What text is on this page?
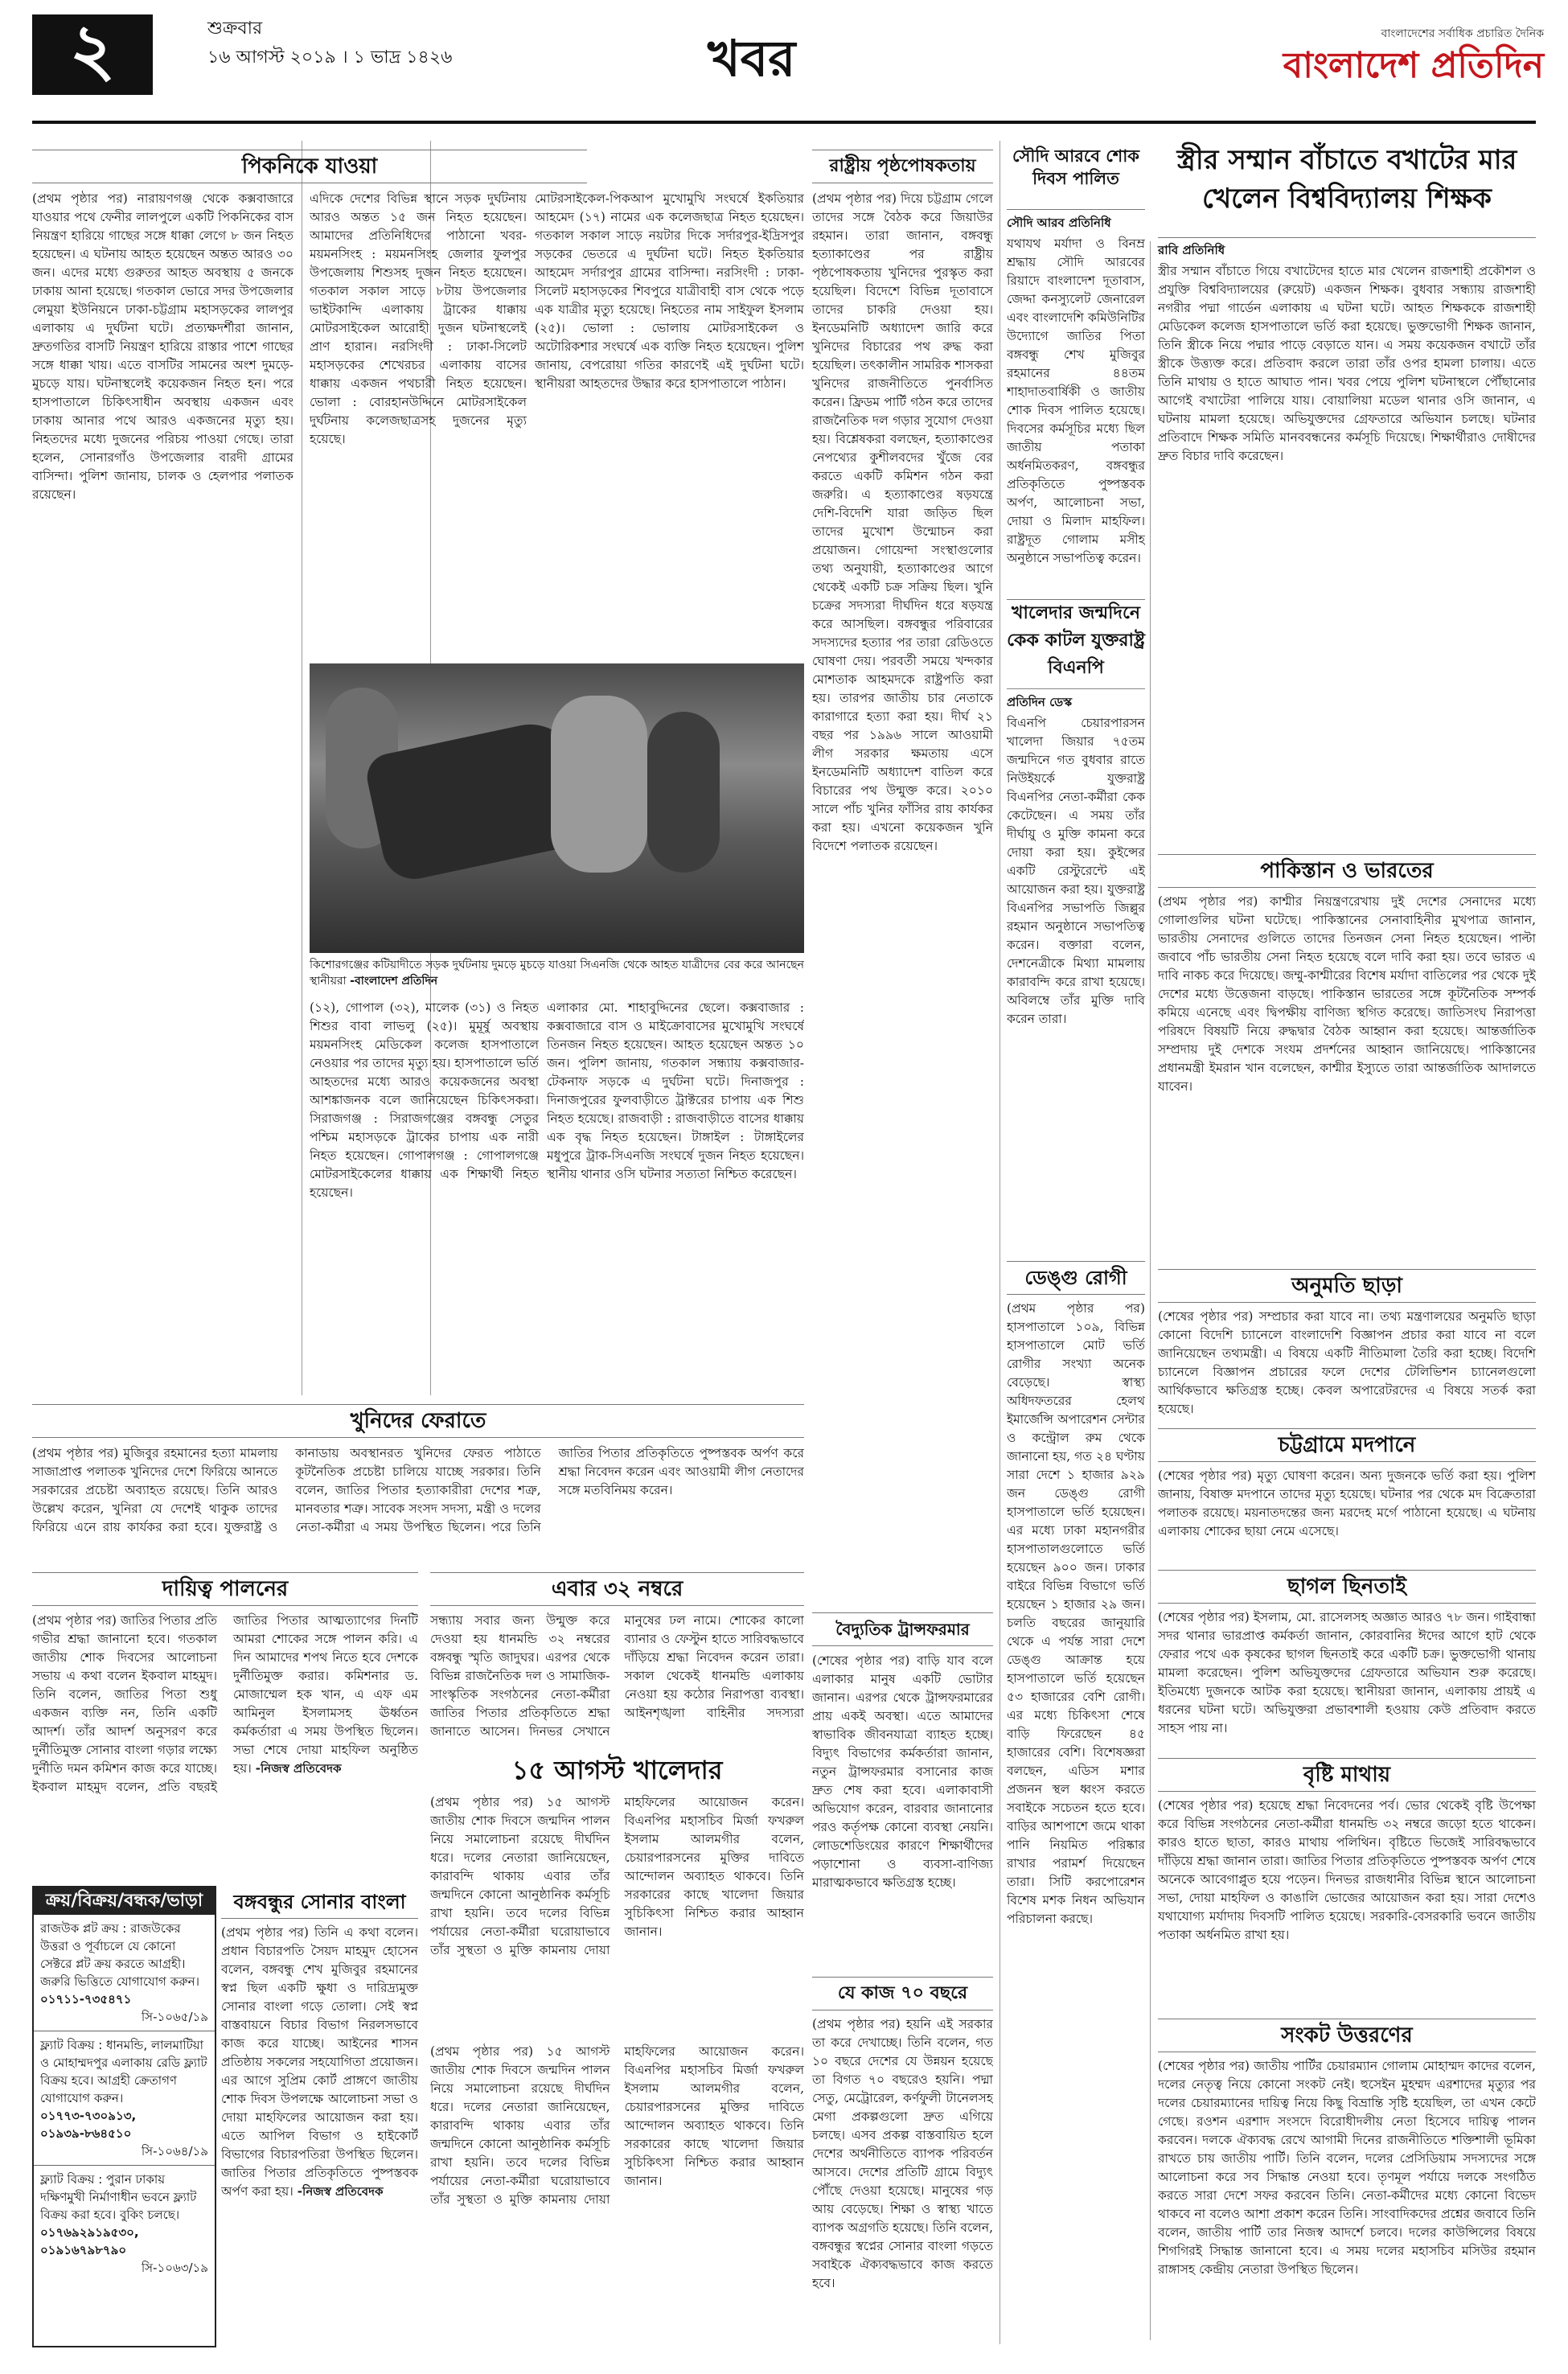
২	শুক্রবার
১৬ আগস্ট ২০১৯ । ১ ভাদ্র ১৪২৬	খবর	বাংলাদেশের সর্বাধিক প্রচারিত দৈনিক
বাংলাদেশ প্রতিদিন
পিকনিকে যাওয়া
(প্রথম পৃষ্ঠার পর) নারায়ণগঞ্জ থেকে কক্সবাজারে যাওয়ার পথে ফেনীর লালপুলে একটি পিকনিকের বাস নিয়ন্ত্রণ হারিয়ে গাছের সঙ্গে ধাক্কা লেগে ৮ জন নিহত হয়েছেন। এ ঘটনায় আহত হয়েছেন অন্তত আরও ৩০ জন। এদের মধ্যে গুরুতর আহত অবস্থায় ৫ জনকে ঢাকায় আনা হয়েছে। গতকাল ভোরে সদর উপজেলার লেমুয়া ইউনিয়নে ঢাকা-চট্টগ্রাম মহাসড়কের লালপুর এলাকায় এ দুর্ঘটনা ঘটে। প্রত্যক্ষদর্শীরা জানান, দ্রুতগতির বাসটি নিয়ন্ত্রণ হারিয়ে রাস্তার পাশে গাছের সঙ্গে ধাক্কা খায়। এতে বাসটির সামনের অংশ দুমড়ে-মুচড়ে যায়। ঘটনাস্থলেই কয়েকজন নিহত হন। পরে হাসপাতালে চিকিৎসাধীন অবস্থায় একজন এবং ঢাকায় আনার পথে আরও একজনের মৃত্যু হয়। নিহতদের মধ্যে দুজনের পরিচয় পাওয়া গেছে। তারা হলেন, সোনারগাঁও উপজেলার বারদী গ্রামের বাসিন্দা। পুলিশ জানায়, চালক ও হেলপার পলাতক রয়েছেন।
এদিকে দেশের বিভিন্ন স্থানে সড়ক দুর্ঘটনায় আরও অন্তত ১৫ জন নিহত হয়েছেন। আমাদের প্রতিনিধিদের পাঠানো খবর- ময়মনসিংহ : ময়মনসিংহ জেলার ফুলপুর উপজেলায় শিশুসহ দুজন নিহত হয়েছেন। গতকাল সকাল সাড়ে ৮টায় উপজেলার ভাইটকান্দি এলাকায় ট্রাকের ধাক্কায় মোটরসাইকেল আরোহী দুজন ঘটনাস্থলেই প্রাণ হারান। নরসিংদী : ঢাকা-সিলেট মহাসড়কের শেখেরচর এলাকায় বাসের ধাক্কায় একজন পথচারী নিহত হয়েছেন। ভোলা : বোরহানউদ্দিনে মোটরসাইকেল দুর্ঘটনায় কলেজছাত্রসহ দুজনের মৃত্যু হয়েছে।
মোটরসাইকেল-পিকআপ মুখোমুখি সংঘর্ষে ইকতিয়ার আহমেদ (১৭) নামের এক কলেজছাত্র নিহত হয়েছেন। গতকাল সকাল সাড়ে নয়টার দিকে সর্দারপুর-ইদ্রিসপুর সড়কের ভেতরে এ দুর্ঘটনা ঘটে। নিহত ইকতিয়ার আহমেদ সর্দারপুর গ্রামের বাসিন্দা। নরসিংদী : ঢাকা-সিলেট মহাসড়কের শিবপুরে যাত্রীবাহী বাস থেকে পড়ে এক যাত্রীর মৃত্যু হয়েছে। নিহতের নাম সাইফুল ইসলাম (২৫)। ভোলা : ভোলায় মোটরসাইকেল ও অটোরিকশার সংঘর্ষে এক ব্যক্তি নিহত হয়েছেন। পুলিশ জানায়, বেপরোয়া গতির কারণেই এই দুর্ঘটনা ঘটে। স্থানীয়রা আহতদের উদ্ধার করে হাসপাতালে পাঠান।
কিশোরগঞ্জের কটিয়াদীতে সড়ক দুর্ঘটনায় দুমড়ে মুচড়ে যাওয়া সিএনজি থেকে আহত যাত্রীদের বের করে আনছেন স্থানীয়রা -বাংলাদেশ প্রতিদিন
(১২), গোপাল (৩২), মালেক (৩১) ও নিহত শিশুর বাবা লাভলু (২৫)। মুমূর্ষু অবস্থায় ময়মনসিংহ মেডিকেল কলেজ হাসপাতালে নেওয়ার পর তাদের মৃত্যু হয়। হাসপাতালে ভর্তি আহতদের মধ্যে আরও কয়েকজনের অবস্থা আশঙ্কাজনক বলে জানিয়েছেন চিকিৎসকরা। সিরাজগঞ্জ : সিরাজগঞ্জের বঙ্গবন্ধু সেতুর পশ্চিম মহাসড়কে ট্রাকের চাপায় এক নারী নিহত হয়েছেন। গোপালগঞ্জ : গোপালগঞ্জে মোটরসাইকেলের ধাক্কায় এক শিক্ষার্থী নিহত হয়েছেন।
এলাকার মো. শাহাবুদ্দিনের ছেলে। কক্সবাজার : কক্সবাজারে বাস ও মাইক্রোবাসের মুখোমুখি সংঘর্ষে তিনজন নিহত হয়েছেন। আহত হয়েছেন অন্তত ১০ জন। পুলিশ জানায়, গতকাল সন্ধ্যায় কক্সবাজার-টেকনাফ সড়কে এ দুর্ঘটনা ঘটে। দিনাজপুর : দিনাজপুরের ফুলবাড়ীতে ট্রাক্টরের চাপায় এক শিশু নিহত হয়েছে। রাজবাড়ী : রাজবাড়ীতে বাসের ধাক্কায় এক বৃদ্ধ নিহত হয়েছেন। টাঙ্গাইল : টাঙ্গাইলের মধুপুরে ট্রাক-সিএনজি সংঘর্ষে দুজন নিহত হয়েছেন। স্থানীয় থানার ওসি ঘটনার সত্যতা নিশ্চিত করেছেন।
খুনিদের ফেরাতে
(প্রথম পৃষ্ঠার পর) মুজিবুর রহমানের হত্যা মামলায় সাজাপ্রাপ্ত পলাতক খুনিদের দেশে ফিরিয়ে আনতে সরকারের প্রচেষ্টা অব্যাহত রয়েছে। তিনি আরও উল্লেখ করেন, খুনিরা যে দেশেই থাকুক তাদের ফিরিয়ে এনে রায় কার্যকর করা হবে। যুক্তরাষ্ট্র ও কানাডায় অবস্থানরত খুনিদের ফেরত পাঠাতে কূটনৈতিক প্রচেষ্টা চালিয়ে যাচ্ছে সরকার। তিনি বলেন, জাতির পিতার হত্যাকারীরা দেশের শত্রু, মানবতার শত্রু। সাবেক সংসদ সদস্য, মন্ত্রী ও দলের নেতা-কর্মীরা এ সময় উপস্থিত ছিলেন। পরে তিনি জাতির পিতার প্রতিকৃতিতে পুষ্পস্তবক অর্পণ করে শ্রদ্ধা নিবেদন করেন এবং আওয়ামী লীগ নেতাদের সঙ্গে মতবিনিময় করেন।
দায়িত্ব পালনের
(প্রথম পৃষ্ঠার পর) জাতির পিতার প্রতি গভীর শ্রদ্ধা জানানো হবে। গতকাল জাতীয় শোক দিবসের আলোচনা সভায় এ কথা বলেন ইকবাল মাহমুদ। তিনি বলেন, জাতির পিতা শুধু একজন ব্যক্তি নন, তিনি একটি আদর্শ। তাঁর আদর্শ অনুসরণ করে দুর্নীতিমুক্ত সোনার বাংলা গড়ার লক্ষ্যে দুর্নীতি দমন কমিশন কাজ করে যাচ্ছে। ইকবাল মাহমুদ বলেন, প্রতি বছরই জাতির পিতার আত্মত্যাগের দিনটি আমরা শোকের সঙ্গে পালন করি। এ দিন আমাদের শপথ নিতে হবে দেশকে দুর্নীতিমুক্ত করার। কমিশনার ড. মোজাম্মেল হক খান, এ এফ এম আমিনুল ইসলামসহ ঊর্ধ্বতন কর্মকর্তারা এ সময় উপস্থিত ছিলেন। সভা শেষে দোয়া মাহফিল অনুষ্ঠিত হয়। -নিজস্ব প্রতিবেদক
এবার ৩২ নম্বরে
সন্ধ্যায় সবার জন্য উন্মুক্ত করে দেওয়া হয় ধানমন্ডি ৩২ নম্বরের বঙ্গবন্ধু স্মৃতি জাদুঘর। এরপর থেকে বিভিন্ন রাজনৈতিক দল ও সামাজিক-সাংস্কৃতিক সংগঠনের নেতা-কর্মীরা জাতির পিতার প্রতিকৃতিতে শ্রদ্ধা জানাতে আসেন। দিনভর সেখানে মানুষের ঢল নামে। শোকের কালো ব্যানার ও ফেস্টুন হাতে সারিবদ্ধভাবে দাঁড়িয়ে শ্রদ্ধা নিবেদন করেন তারা। সকাল থেকেই ধানমন্ডি এলাকায় নেওয়া হয় কঠোর নিরাপত্তা ব্যবস্থা। আইনশৃঙ্খলা বাহিনীর সদস্যরা
১৫ আগস্ট খালেদার
(প্রথম পৃষ্ঠার পর) ১৫ আগস্ট জাতীয় শোক দিবসে জন্মদিন পালন নিয়ে সমালোচনা রয়েছে দীর্ঘদিন ধরে। দলের নেতারা জানিয়েছেন, কারাবন্দি থাকায় এবার তাঁর জন্মদিনে কোনো আনুষ্ঠানিক কর্মসূচি রাখা হয়নি। তবে দলের বিভিন্ন পর্যায়ের নেতা-কর্মীরা ঘরোয়াভাবে তাঁর সুস্থতা ও মুক্তি কামনায় দোয়া মাহফিলের আয়োজন করেন। বিএনপির মহাসচিব মির্জা ফখরুল ইসলাম আলমগীর বলেন, চেয়ারপারসনের মুক্তির দাবিতে আন্দোলন অব্যাহত থাকবে। তিনি সরকারের কাছে খালেদা জিয়ার সুচিকিৎসা নিশ্চিত করার আহ্বান জানান।
ক্রয়/বিক্রয়/বন্ধক/ভাড়া
রাজউক প্লট ক্রয় : রাজউকের উত্তরা ও পূর্বাচলে যে কোনো সেক্টরে প্লট ক্রয় করতে আগ্রহী। জরুরি ভিত্তিতে যোগাযোগ করুন।
০১৭১১-৭৩৫৪৭১
সি-১০৬৫/১৯
ফ্ল্যাট বিক্রয় : ধানমন্ডি, লালমাটিয়া ও মোহাম্মদপুর এলাকায় রেডি ফ্ল্যাট বিক্রয় হবে। আগ্রহী ক্রেতাগণ যোগাযোগ করুন।
০১৭৭৩-৭৩০৯১৩, ০১৯৩৯-৮৬৪৫১০
সি-১০৬৪/১৯
ফ্ল্যাট বিক্রয় : পুরান ঢাকায় দক্ষিণমুখী নির্মাণাধীন ভবনে ফ্ল্যাট বিক্রয় করা হবে। বুকিং চলছে।
০১৭৬৯২৯১৯৫৩০, ০১৯১৬৭৯৮৭৯০
সি-১০৬৩/১৯
বঙ্গবন্ধুর সোনার বাংলা
(প্রথম পৃষ্ঠার পর) তিনি এ কথা বলেন। প্রধান বিচারপতি সৈয়দ মাহমুদ হোসেন বলেন, বঙ্গবন্ধু শেখ মুজিবুর রহমানের স্বপ্ন ছিল একটি ক্ষুধা ও দারিদ্র্যমুক্ত সোনার বাংলা গড়ে তোলা। সেই স্বপ্ন বাস্তবায়নে বিচার বিভাগ নিরলসভাবে কাজ করে যাচ্ছে। আইনের শাসন প্রতিষ্ঠায় সকলের সহযোগিতা প্রয়োজন। এর আগে সুপ্রিম কোর্ট প্রাঙ্গণে জাতীয় শোক দিবস উপলক্ষে আলোচনা সভা ও দোয়া মাহফিলের আয়োজন করা হয়। এতে আপিল বিভাগ ও হাইকোর্ট বিভাগের বিচারপতিরা উপস্থিত ছিলেন। জাতির পিতার প্রতিকৃতিতে পুষ্পস্তবক অর্পণ করা হয়। -নিজস্ব প্রতিবেদক
(প্রথম পৃষ্ঠার পর) ১৫ আগস্ট জাতীয় শোক দিবসে জন্মদিন পালন নিয়ে সমালোচনা রয়েছে দীর্ঘদিন ধরে। দলের নেতারা জানিয়েছেন, কারাবন্দি থাকায় এবার তাঁর জন্মদিনে কোনো আনুষ্ঠানিক কর্মসূচি রাখা হয়নি। তবে দলের বিভিন্ন পর্যায়ের নেতা-কর্মীরা ঘরোয়াভাবে তাঁর সুস্থতা ও মুক্তি কামনায় দোয়া মাহফিলের আয়োজন করেন। বিএনপির মহাসচিব মির্জা ফখরুল ইসলাম আলমগীর বলেন, চেয়ারপারসনের মুক্তির দাবিতে আন্দোলন অব্যাহত থাকবে। তিনি সরকারের কাছে খালেদা জিয়ার সুচিকিৎসা নিশ্চিত করার আহ্বান জানান।
রাষ্ট্রীয় পৃষ্ঠপোষকতায়
(প্রথম পৃষ্ঠার পর) দিয়ে চট্টগ্রাম গেলে তাদের সঙ্গে বৈঠক করে জিয়াউর রহমান। তারা জানান, বঙ্গবন্ধু হত্যাকাণ্ডের পর রাষ্ট্রীয় পৃষ্ঠপোষকতায় খুনিদের পুরস্কৃত করা হয়েছিল। বিদেশে বিভিন্ন দূতাবাসে তাদের চাকরি দেওয়া হয়। ইনডেমনিটি অধ্যাদেশ জারি করে খুনিদের বিচারের পথ রুদ্ধ করা হয়েছিল। তৎকালীন সামরিক শাসকরা খুনিদের রাজনীতিতে পুনর্বাসিত করেন। ফ্রিডম পার্টি গঠন করে তাদের রাজনৈতিক দল গড়ার সুযোগ দেওয়া হয়। বিশ্লেষকরা বলছেন, হত্যাকাণ্ডের নেপথ্যের কুশীলবদের খুঁজে বের করতে একটি কমিশন গঠন করা জরুরি। এ হত্যাকাণ্ডের ষড়যন্ত্রে দেশি-বিদেশি যারা জড়িত ছিল তাদের মুখোশ উন্মোচন করা প্রয়োজন। গোয়েন্দা সংস্থাগুলোর তথ্য অনুযায়ী, হত্যাকাণ্ডের আগে থেকেই একটি চক্র সক্রিয় ছিল। খুনি চক্রের সদস্যরা দীর্ঘদিন ধরে ষড়যন্ত্র করে আসছিল। বঙ্গবন্ধুর পরিবারের সদস্যদের হত্যার পর তারা রেডিওতে ঘোষণা দেয়। পরবর্তী সময়ে খন্দকার মোশতাক আহমদকে রাষ্ট্রপতি করা হয়। তারপর জাতীয় চার নেতাকে কারাগারে হত্যা করা হয়। দীর্ঘ ২১ বছর পর ১৯৯৬ সালে আওয়ামী লীগ সরকার ক্ষমতায় এসে ইনডেমনিটি অধ্যাদেশ বাতিল করে বিচারের পথ উন্মুক্ত করে। ২০১০ সালে পাঁচ খুনির ফাঁসির রায় কার্যকর করা হয়। এখনো কয়েকজন খুনি বিদেশে পলাতক রয়েছেন।
বৈদ্যুতিক ট্রান্সফরমার
(শেষের পৃষ্ঠার পর) বাড়ি যাব বলে এলাকার মানুষ একটি ভোটার জানান। এরপর থেকে ট্রান্সফরমারের প্রায় একই অবস্থা। এতে আমাদের স্বাভাবিক জীবনযাত্রা ব্যাহত হচ্ছে। বিদ্যুৎ বিভাগের কর্মকর্তারা জানান, নতুন ট্রান্সফরমার বসানোর কাজ দ্রুত শেষ করা হবে। এলাকাবাসী অভিযোগ করেন, বারবার জানানোর পরও কর্তৃপক্ষ কোনো ব্যবস্থা নেয়নি। লোডশেডিংয়ের কারণে শিক্ষার্থীদের পড়াশোনা ও ব্যবসা-বাণিজ্য মারাত্মকভাবে ক্ষতিগ্রস্ত হচ্ছে।
যে কাজ ৭০ বছরে
(প্রথম পৃষ্ঠার পর) হয়নি এই সরকার তা করে দেখাচ্ছে। তিনি বলেন, গত ১০ বছরে দেশের যে উন্নয়ন হয়েছে তা বিগত ৭০ বছরেও হয়নি। পদ্মা সেতু, মেট্রোরেল, কর্ণফুলী টানেলসহ মেগা প্রকল্পগুলো দ্রুত এগিয়ে চলছে। এসব প্রকল্প বাস্তবায়িত হলে দেশের অর্থনীতিতে ব্যাপক পরিবর্তন আসবে। দেশের প্রতিটি গ্রামে বিদ্যুৎ পৌঁছে দেওয়া হয়েছে। মানুষের গড় আয় বেড়েছে। শিক্ষা ও স্বাস্থ্য খাতে ব্যাপক অগ্রগতি হয়েছে। তিনি বলেন, বঙ্গবন্ধুর স্বপ্নের সোনার বাংলা গড়তে সবাইকে ঐক্যবদ্ধভাবে কাজ করতে হবে।
সৌদি আরবে শোক দিবস পালিত
সৌদি আরব প্রতিনিধি
যথাযথ মর্যাদা ও বিনম্র শ্রদ্ধায় সৌদি আরবের রিয়াদে বাংলাদেশ দূতাবাস, জেদ্দা কনস্যুলেট জেনারেল এবং বাংলাদেশি কমিউনিটির উদ্যোগে জাতির পিতা বঙ্গবন্ধু শেখ মুজিবুর রহমানের ৪৪তম শাহাদাতবার্ষিকী ও জাতীয় শোক দিবস পালিত হয়েছে। দিবসের কর্মসূচির মধ্যে ছিল জাতীয় পতাকা অর্ধনমিতকরণ, বঙ্গবন্ধুর প্রতিকৃতিতে পুষ্পস্তবক অর্পণ, আলোচনা সভা, দোয়া ও মিলাদ মাহফিল। রাষ্ট্রদূত গোলাম মসীহ অনুষ্ঠানে সভাপতিত্ব করেন।
খালেদার জন্মদিনে কেক কাটল যুক্তরাষ্ট্র বিএনপি
প্রতিদিন ডেস্ক
বিএনপি চেয়ারপারসন খালেদা জিয়ার ৭৫তম জন্মদিনে গত বুধবার রাতে নিউইয়র্কে যুক্তরাষ্ট্র বিএনপির নেতা-কর্মীরা কেক কেটেছেন। এ সময় তাঁর দীর্ঘায়ু ও মুক্তি কামনা করে দোয়া করা হয়। কুইন্সের একটি রেস্টুরেন্টে এই আয়োজন করা হয়। যুক্তরাষ্ট্র বিএনপির সভাপতি জিল্লুর রহমান অনুষ্ঠানে সভাপতিত্ব করেন। বক্তারা বলেন, দেশনেত্রীকে মিথ্যা মামলায় কারাবন্দি করে রাখা হয়েছে। অবিলম্বে তাঁর মুক্তি দাবি করেন তারা।
ডেঙ্গু রোগী
(প্রথম পৃষ্ঠার পর) হাসপাতালে ১০৯, বিভিন্ন হাসপাতালে মোট ভর্তি রোগীর সংখ্যা অনেক বেড়েছে। স্বাস্থ্য অধিদফতরের হেলথ ইমার্জেন্সি অপারেশন সেন্টার ও কন্ট্রোল রুম থেকে জানানো হয়, গত ২৪ ঘণ্টায় সারা দেশে ১ হাজার ৯২৯ জন ডেঙ্গু রোগী হাসপাতালে ভর্তি হয়েছেন। এর মধ্যে ঢাকা মহানগরীর হাসপাতালগুলোতে ভর্তি হয়েছেন ৯০০ জন। ঢাকার বাইরে বিভিন্ন বিভাগে ভর্তি হয়েছেন ১ হাজার ২৯ জন। চলতি বছরের জানুয়ারি থেকে এ পর্যন্ত সারা দেশে ডেঙ্গু আক্রান্ত হয়ে হাসপাতালে ভর্তি হয়েছেন ৫৩ হাজারের বেশি রোগী। এর মধ্যে চিকিৎসা শেষে বাড়ি ফিরেছেন ৪৫ হাজারের বেশি। বিশেষজ্ঞরা বলছেন, এডিস মশার প্রজনন স্থল ধ্বংস করতে সবাইকে সচেতন হতে হবে। বাড়ির আশপাশে জমে থাকা পানি নিয়মিত পরিষ্কার রাখার পরামর্শ দিয়েছেন তারা। সিটি করপোরেশন বিশেষ মশক নিধন অভিযান পরিচালনা করছে।
স্ত্রীর সম্মান বাঁচাতে বখাটের মার খেলেন বিশ্ববিদ্যালয় শিক্ষক
রাবি প্রতিনিধি
স্ত্রীর সম্মান বাঁচাতে গিয়ে বখাটেদের হাতে মার খেলেন রাজশাহী প্রকৌশল ও প্রযুক্তি বিশ্ববিদ্যালয়ের (রুয়েট) একজন শিক্ষক। বুধবার সন্ধ্যায় রাজশাহী নগরীর পদ্মা গার্ডেন এলাকায় এ ঘটনা ঘটে। আহত শিক্ষককে রাজশাহী মেডিকেল কলেজ হাসপাতালে ভর্তি করা হয়েছে। ভুক্তভোগী শিক্ষক জানান, তিনি স্ত্রীকে নিয়ে পদ্মার পাড়ে বেড়াতে যান। এ সময় কয়েকজন বখাটে তাঁর স্ত্রীকে উত্ত্যক্ত করে। প্রতিবাদ করলে তারা তাঁর ওপর হামলা চালায়। এতে তিনি মাথায় ও হাতে আঘাত পান। খবর পেয়ে পুলিশ ঘটনাস্থলে পৌঁছানোর আগেই বখাটেরা পালিয়ে যায়। বোয়ালিয়া মডেল থানার ওসি জানান, এ ঘটনায় মামলা হয়েছে। অভিযুক্তদের গ্রেফতারে অভিযান চলছে। ঘটনার প্রতিবাদে শিক্ষক সমিতি মানববন্ধনের কর্মসূচি দিয়েছে। শিক্ষার্থীরাও দোষীদের দ্রুত বিচার দাবি করেছেন।
পাকিস্তান ও ভারতের
(প্রথম পৃষ্ঠার পর) কাশ্মীর নিয়ন্ত্রণরেখায় দুই দেশের সেনাদের মধ্যে গোলাগুলির ঘটনা ঘটেছে। পাকিস্তানের সেনাবাহিনীর মুখপাত্র জানান, ভারতীয় সেনাদের গুলিতে তাদের তিনজন সেনা নিহত হয়েছেন। পাল্টা জবাবে পাঁচ ভারতীয় সেনা নিহত হয়েছে বলে দাবি করা হয়। তবে ভারত এ দাবি নাকচ করে দিয়েছে। জম্মু-কাশ্মীরের বিশেষ মর্যাদা বাতিলের পর থেকে দুই দেশের মধ্যে উত্তেজনা বাড়ছে। পাকিস্তান ভারতের সঙ্গে কূটনৈতিক সম্পর্ক কমিয়ে এনেছে এবং দ্বিপক্ষীয় বাণিজ্য স্থগিত করেছে। জাতিসংঘ নিরাপত্তা পরিষদে বিষয়টি নিয়ে রুদ্ধদ্বার বৈঠক আহ্বান করা হয়েছে। আন্তর্জাতিক সম্প্রদায় দুই দেশকে সংযম প্রদর্শনের আহ্বান জানিয়েছে। পাকিস্তানের প্রধানমন্ত্রী ইমরান খান বলেছেন, কাশ্মীর ইস্যুতে তারা আন্তর্জাতিক আদালতে যাবেন।
অনুমতি ছাড়া
(শেষের পৃষ্ঠার পর) সম্প্রচার করা যাবে না। তথ্য মন্ত্রণালয়ের অনুমতি ছাড়া কোনো বিদেশি চ্যানেলে বাংলাদেশি বিজ্ঞাপন প্রচার করা যাবে না বলে জানিয়েছেন তথ্যমন্ত্রী। এ বিষয়ে একটি নীতিমালা তৈরি করা হচ্ছে। বিদেশি চ্যানেলে বিজ্ঞাপন প্রচারের ফলে দেশের টেলিভিশন চ্যানেলগুলো আর্থিকভাবে ক্ষতিগ্রস্ত হচ্ছে। কেবল অপারেটরদের এ বিষয়ে সতর্ক করা হয়েছে।
চট্টগ্রামে মদপানে
(শেষের পৃষ্ঠার পর) মৃত্যু ঘোষণা করেন। অন্য দুজনকে ভর্তি করা হয়। পুলিশ জানায়, বিষাক্ত মদপানে তাদের মৃত্যু হয়েছে। ঘটনার পর থেকে মদ বিক্রেতারা পলাতক রয়েছে। ময়নাতদন্তের জন্য মরদেহ মর্গে পাঠানো হয়েছে। এ ঘটনায় এলাকায় শোকের ছায়া নেমে এসেছে।
ছাগল ছিনতাই
(শেষের পৃষ্ঠার পর) ইসলাম, মো. রাসেলসহ অজ্ঞাত আরও ৭৮ জন। গাইবান্ধা সদর থানার ভারপ্রাপ্ত কর্মকর্তা জানান, কোরবানির ঈদের আগে হাট থেকে ফেরার পথে এক কৃষকের ছাগল ছিনতাই করে একটি চক্র। ভুক্তভোগী থানায় মামলা করেছেন। পুলিশ অভিযুক্তদের গ্রেফতারে অভিযান শুরু করেছে। ইতিমধ্যে দুজনকে আটক করা হয়েছে। স্থানীয়রা জানান, এলাকায় প্রায়ই এ ধরনের ঘটনা ঘটে। অভিযুক্তরা প্রভাবশালী হওয়ায় কেউ প্রতিবাদ করতে সাহস পায় না।
বৃষ্টি মাথায়
(শেষের পৃষ্ঠার পর) হয়েছে শ্রদ্ধা নিবেদনের পর্ব। ভোর থেকেই বৃষ্টি উপেক্ষা করে বিভিন্ন সংগঠনের নেতা-কর্মীরা ধানমন্ডি ৩২ নম্বরে জড়ো হতে থাকেন। কারও হাতে ছাতা, কারও মাথায় পলিথিন। বৃষ্টিতে ভিজেই সারিবদ্ধভাবে দাঁড়িয়ে শ্রদ্ধা জানান তারা। জাতির পিতার প্রতিকৃতিতে পুষ্পস্তবক অর্পণ শেষে অনেকে আবেগাপ্লুত হয়ে পড়েন। দিনভর রাজধানীর বিভিন্ন স্থানে আলোচনা সভা, দোয়া মাহফিল ও কাঙালি ভোজের আয়োজন করা হয়। সারা দেশেও যথাযোগ্য মর্যাদায় দিবসটি পালিত হয়েছে। সরকারি-বেসরকারি ভবনে জাতীয় পতাকা অর্ধনমিত রাখা হয়।
সংকট উত্তরণের
(শেষের পৃষ্ঠার পর) জাতীয় পার্টির চেয়ারম্যান গোলাম মোহাম্মদ কাদের বলেন, দলের নেতৃত্ব নিয়ে কোনো সংকট নেই। হুসেইন মুহম্মদ এরশাদের মৃত্যুর পর দলের চেয়ারম্যানের দায়িত্ব নিয়ে কিছু বিভ্রান্তি সৃষ্টি হয়েছিল, তা এখন কেটে গেছে। রওশন এরশাদ সংসদে বিরোধীদলীয় নেতা হিসেবে দায়িত্ব পালন করবেন। দলকে ঐক্যবদ্ধ রেখে আগামী দিনের রাজনীতিতে শক্তিশালী ভূমিকা রাখতে চায় জাতীয় পার্টি। তিনি বলেন, দলের প্রেসিডিয়াম সদস্যদের সঙ্গে আলোচনা করে সব সিদ্ধান্ত নেওয়া হবে। তৃণমূল পর্যায়ে দলকে সংগঠিত করতে সারা দেশে সফর করবেন তিনি। নেতা-কর্মীদের মধ্যে কোনো বিভেদ থাকবে না বলেও আশা প্রকাশ করেন তিনি। সাংবাদিকদের প্রশ্নের জবাবে তিনি বলেন, জাতীয় পার্টি তার নিজস্ব আদর্শে চলবে। দলের কাউন্সিলের বিষয়ে শিগগিরই সিদ্ধান্ত জানানো হবে। এ সময় দলের মহাসচিব মসিউর রহমান রাঙ্গাসহ কেন্দ্রীয় নেতারা উপস্থিত ছিলেন।
